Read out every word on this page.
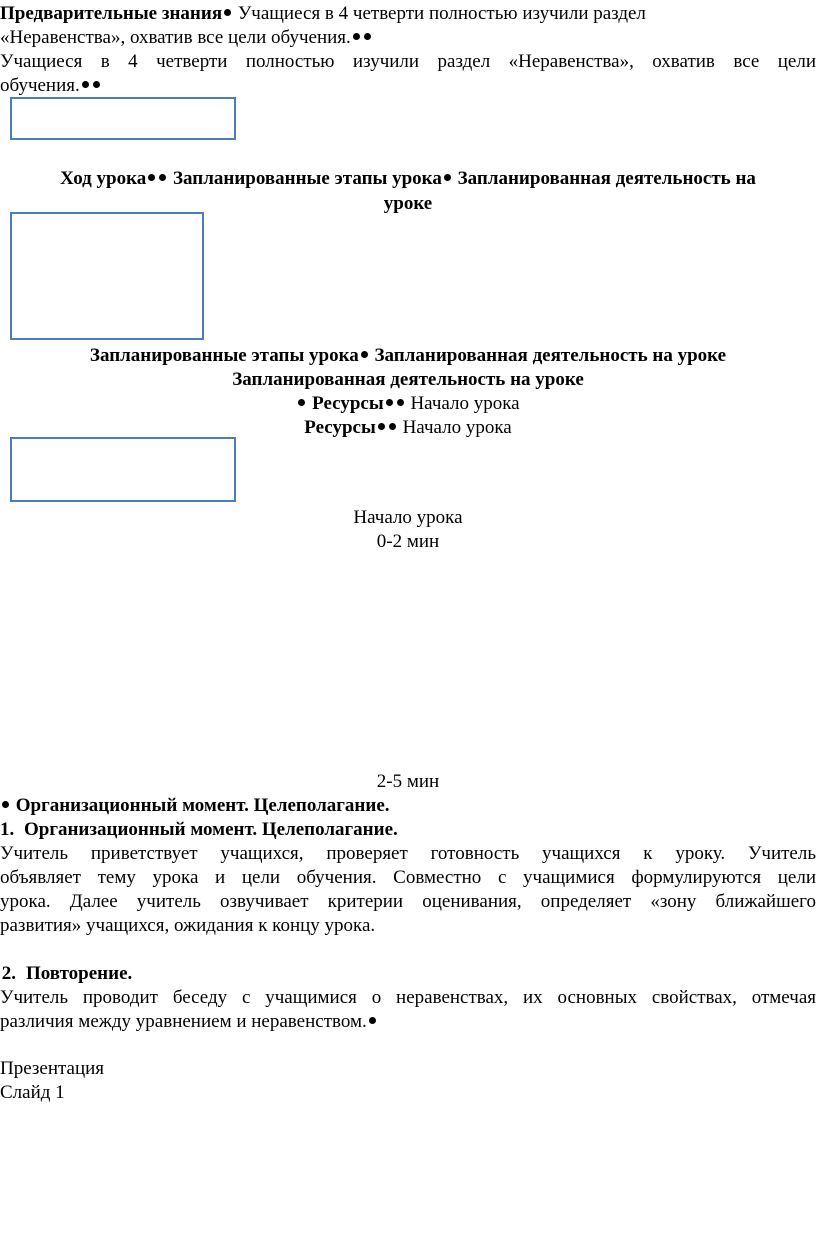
Предварительные знания Учащиеся в 4 четверти полностью изучили раздел
«Неравенства», охватив все цели обучения.
Учащиеся в 4 четверти полностью изучили раздел «Неравенства», охватив все цели
обучения.
Ход урока Запланированные этапы урока Запланированная деятельность на
уроке
Запланированные этапы урока Запланированная деятельность на уроке
Запланированная деятельность на уроке
Ресурсы Начало урока
Ресурсы Начало урока
Начало урока
0-2 мин
2-5 мин
Организационный момент. Целеполагание.
1. Организационный момент. Целеполагание.
Учитель приветствует учащихся, проверяет готовность учащихся к уроку. Учитель
объявляет тему урока и цели обучения. Совместно с учащимися формулируются цели
урока. Далее учитель озвучивает критерии оценивания, определяет «зону ближайшего
развития» учащихся, ожидания к концу урока.
2. Повторение.
Учитель проводит беседу с учащимися о неравенствах, их основных свойствах, отмечая
различия между уравнением и неравенством.
Презентация
Слайд 1
